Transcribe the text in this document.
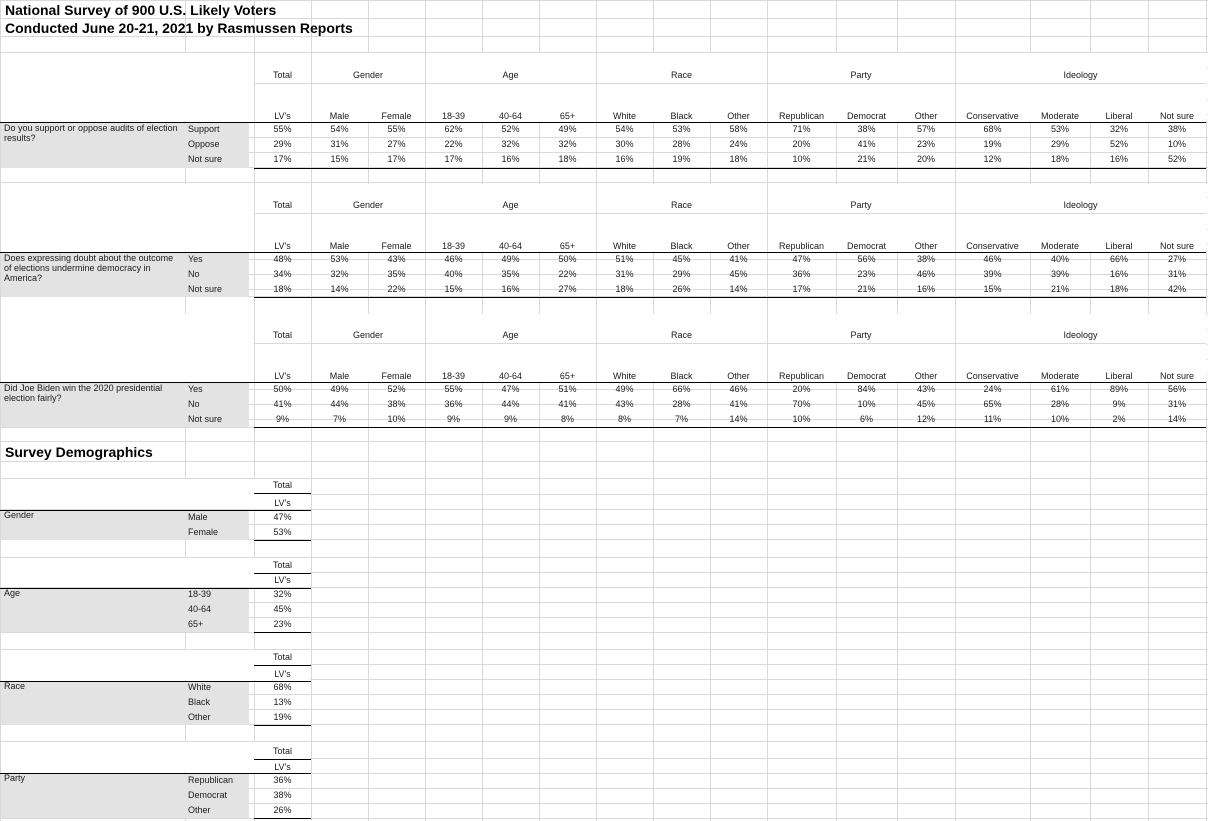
National Survey of 900 U.S. Likely Voters
Conducted June 20-21, 2021 by Rasmussen Reports
Total	Gender	Age	Race	Party	Ideology
LV's	Male	Female	18-39	40-64	65+	White	Black	Other	Republican	Democrat	Other	Conservative	Moderate	Liberal	Not sure
Do you support or oppose audits of election results?
Support	55%	54%	55%	62%	52%	49%	54%	53%	58%	71%	38%	57%	68%	53%	32%	38%
Oppose	29%	31%	27%	22%	32%	32%	30%	28%	24%	20%	41%	23%	19%	29%	52%	10%
Not sure	17%	15%	17%	17%	16%	18%	16%	19%	18%	10%	21%	20%	12%	18%	16%	52%
Total	Gender	Age	Race	Party	Ideology
LV's	Male	Female	18-39	40-64	65+	White	Black	Other	Republican	Democrat	Other	Conservative	Moderate	Liberal	Not sure
Does expressing doubt about the outcome of elections undermine democracy in America?
Yes	48%	53%	43%	46%	49%	50%	51%	45%	41%	47%	56%	38%	46%	40%	66%	27%
No	34%	32%	35%	40%	35%	22%	31%	29%	45%	36%	23%	46%	39%	39%	16%	31%
Not sure	18%	14%	22%	15%	16%	27%	18%	26%	14%	17%	21%	16%	15%	21%	18%	42%
Total	Gender	Age	Race	Party	Ideology
LV's	Male	Female	18-39	40-64	65+	White	Black	Other	Republican	Democrat	Other	Conservative	Moderate	Liberal	Not sure
Did Joe Biden win the 2020 presidential election fairly?
Yes	50%	49%	52%	55%	47%	51%	49%	66%	46%	20%	84%	43%	24%	61%	89%	56%
No	41%	44%	38%	36%	44%	41%	43%	28%	41%	70%	10%	45%	65%	28%	9%	31%
Not sure	9%	7%	10%	9%	9%	8%	8%	7%	14%	10%	6%	12%	11%	10%	2%	14%
Survey Demographics
Total
LV's
Gender	Male	47%
Female	53%
Total
LV's
Age	18-39	32%
40-64	45%
65+	23%
Total
LV's
Race	White	68%
Black	13%
Other	19%
Total
LV's
Party	Republican	36%
Democrat	38%
Other	26%
